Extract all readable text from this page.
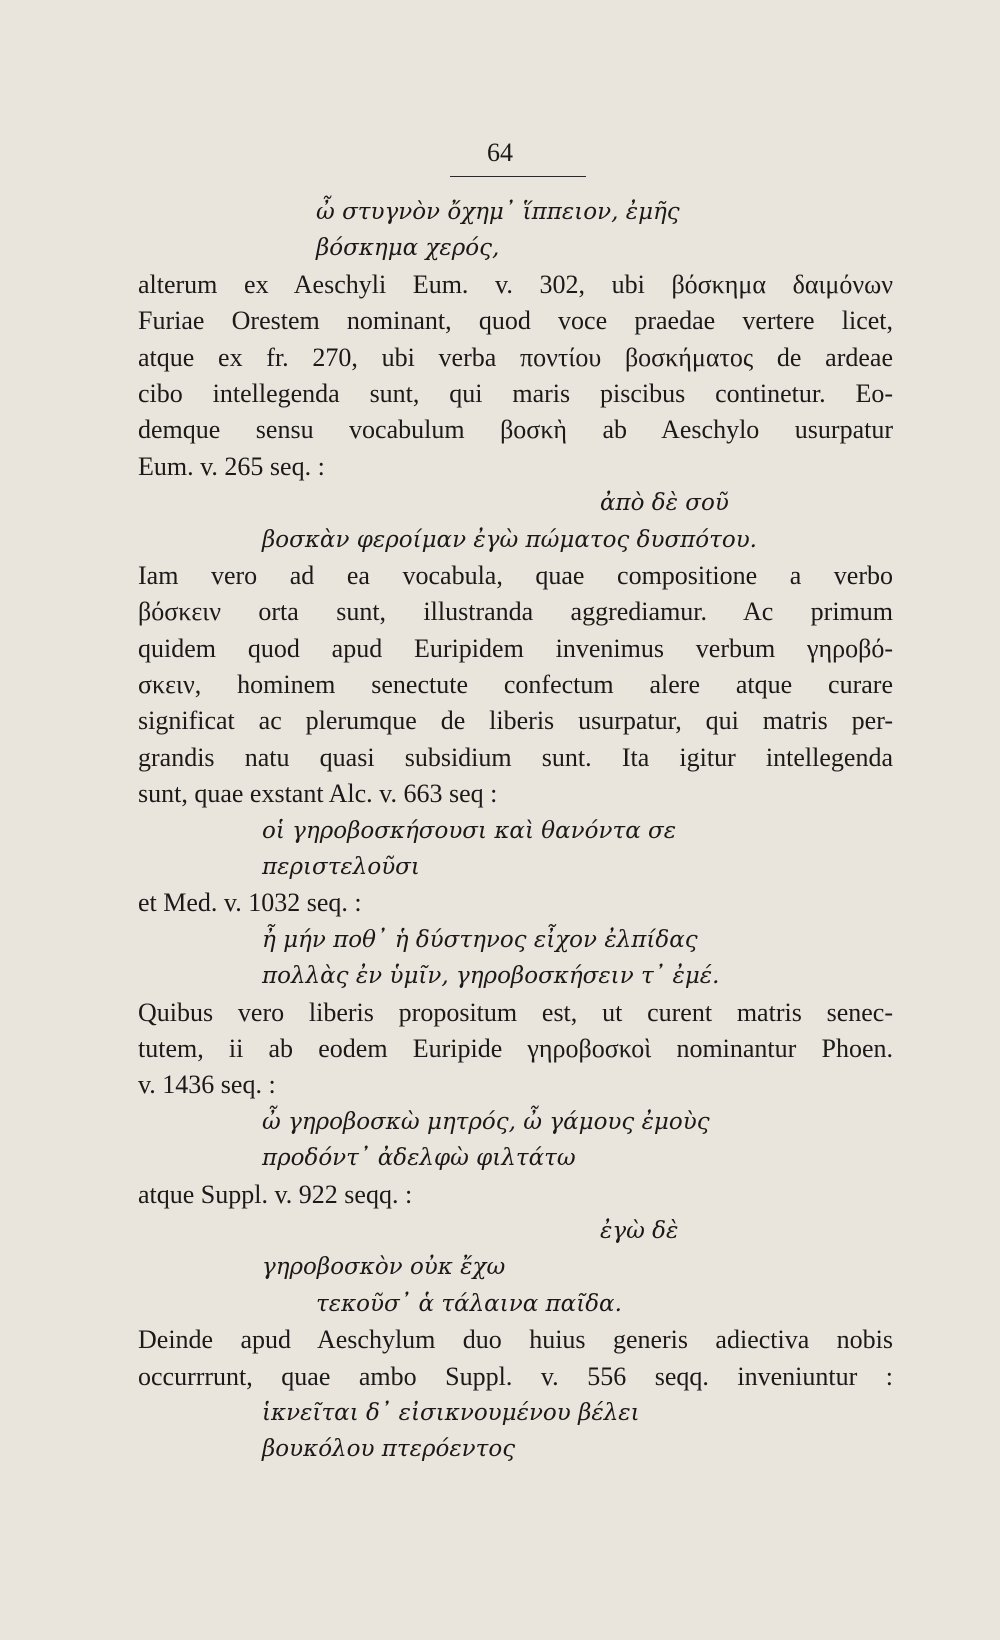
64
ὦ στυγνὸν ὄχημ᾿ ἵππειον, ἐμῆς
βόσκημα χερός,
alterum ex Aeschyli Eum. v. 302, ubi βόσκημα δαιμόνων
Furiae Orestem nominant, quod voce praedae vertere licet,
atque ex fr. 270, ubi verba ποντίου βοσκήματος de ardeae
cibo intellegenda sunt, qui maris piscibus continetur. Eo-
demque sensu vocabulum βοσκὴ ab Aeschylo usurpatur
Eum. v. 265 seq. :
ἀπὸ δὲ σοῦ
βοσκὰν φεροίμαν ἐγὼ πώματος δυσπότου.
Iam vero ad ea vocabula, quae compositione a verbo
βόσκειν orta sunt, illustranda aggrediamur. Ac primum
quidem quod apud Euripidem invenimus verbum γηροβό-
σκειν, hominem senectute confectum alere atque curare
significat ac plerumque de liberis usurpatur, qui matris per-
grandis natu quasi subsidium sunt. Ita igitur intellegenda
sunt, quae exstant Alc. v. 663 seq :
οἱ γηροβοσκήσουσι καὶ θανόντα σε
περιστελοῦσι
et Med. v. 1032 seq. :
ἦ μήν ποθ᾿ ἡ δύστηνος εἶχον ἐλπίδας
πολλὰς ἐν ὑμῖν, γηροβοσκήσειν τ᾿ ἐμέ.
Quibus vero liberis propositum est, ut curent matris senec-
tutem, ii ab eodem Euripide γηροβοσκοὶ nominantur Phoen.
v. 1436 seq. :
ὦ γηροβοσκὼ μητρός, ὦ γάμους ἐμοὺς
προδόντ᾿ ἀδελφὼ φιλτάτω
atque Suppl. v. 922 seqq. :
ἐγὼ δὲ
γηροβοσκὸν οὐκ ἔχω
τεκοῦσ᾿ ἁ τάλαινα παῖδα.
Deinde apud Aeschylum duo huius generis adiectiva nobis
occurrrunt, quae ambo Suppl. v. 556 seqq. inveniuntur :
ἱκνεῖται δ᾿ εἰσικνουμένου βέλει
βουκόλου πτερόεντος
